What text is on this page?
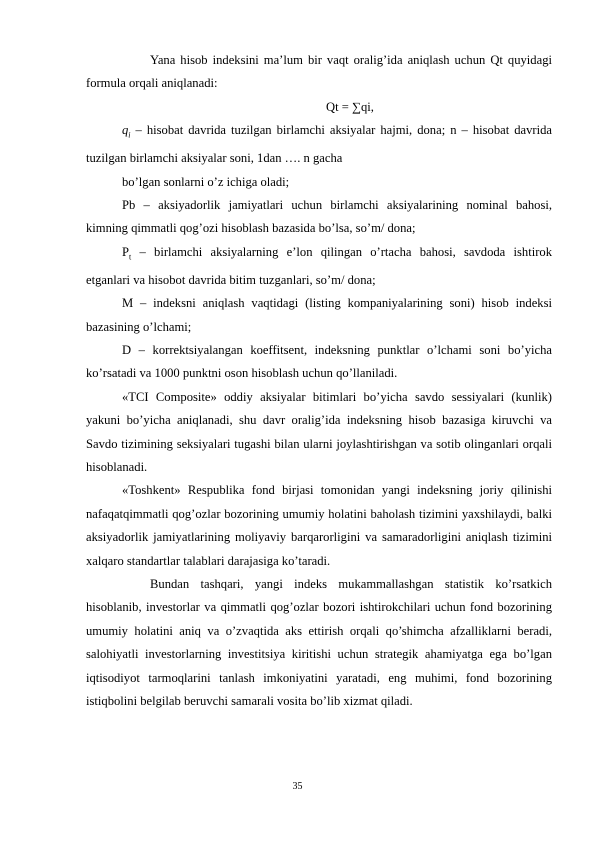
Yana hisob indeksini ma’lum bir vaqt oralig’ida aniqlash uchun Qt quyidagi formula orqali aniqlanadi:

Qt = ∑qi,

$q_i$ – hisobat davrida tuzilgan birlamchi aksiyalar hajmi, dona; n – hisobat davrida tuzilgan birlamchi aksiyalar soni, 1dan …. n gacha

bo’lgan sonlarni o’z ichiga oladi;

Pb – aksiyadorlik jamiyatlari uchun birlamchi aksiyalarining nominal bahosi, kimning qimmatli qog’ozi hisoblash bazasida bo’lsa, so’m/ dona;

$P_t$ – birlamchi aksiyalarning e’lon qilingan o’rtacha bahosi, savdoda ishtirok etganlari va hisobot davrida bitim tuzganlari, so’m/ dona;

M – indeksni aniqlash vaqtidagi (listing kompaniyalarining soni) hisob indeksi bazasining o’lchami;

D – korrektsiyalangan koeffitsent, indeksning punktlar o’lchami soni bo’yicha ko’rsatadi va 1000 punktni oson hisoblash uchun qo’llaniladi.

«TCI Composite» oddiy aksiyalar bitimlari bo’yicha savdo sessiyalari (kunlik) yakuni bo’yicha aniqlanadi, shu davr oralig’ida indeksning hisob bazasiga kiruvchi va Savdo tizimining seksiyalari tugashi bilan ularni joylashtirishgan va sotib olinganlari orqali hisoblanadi.

«Toshkent» Respublika fond birjasi tomonidan yangi indeksning joriy qilinishi nafaqatqimmatli qog’ozlar bozorining umumiy holatini baholash tizimini yaxshilaydi, balki aksiyadorlik jamiyatlarining moliyaviy barqarorligini va samaradorligini aniqlash tizimini xalqaro standartlar talablari darajasiga ko’taradi.

Bundan tashqari, yangi indeks mukammallashgan statistik ko’rsatkich hisoblanib, investorlar va qimmatli qog’ozlar bozori ishtirokchilari uchun fond bozorining umumiy holatini aniq va o’zvaqtida aks ettirish orqali qo’shimcha afzalliklarni beradi, salohiyatli investorlarning investitsiya kiritishi uchun strategik ahamiyatga ega bo’lgan iqtisodiyot tarmoqlarini tanlash imkoniyatini yaratadi, eng muhimi, fond bozorining istiqbolini belgilab beruvchi samarali vosita bo’lib xizmat qiladi.

35
